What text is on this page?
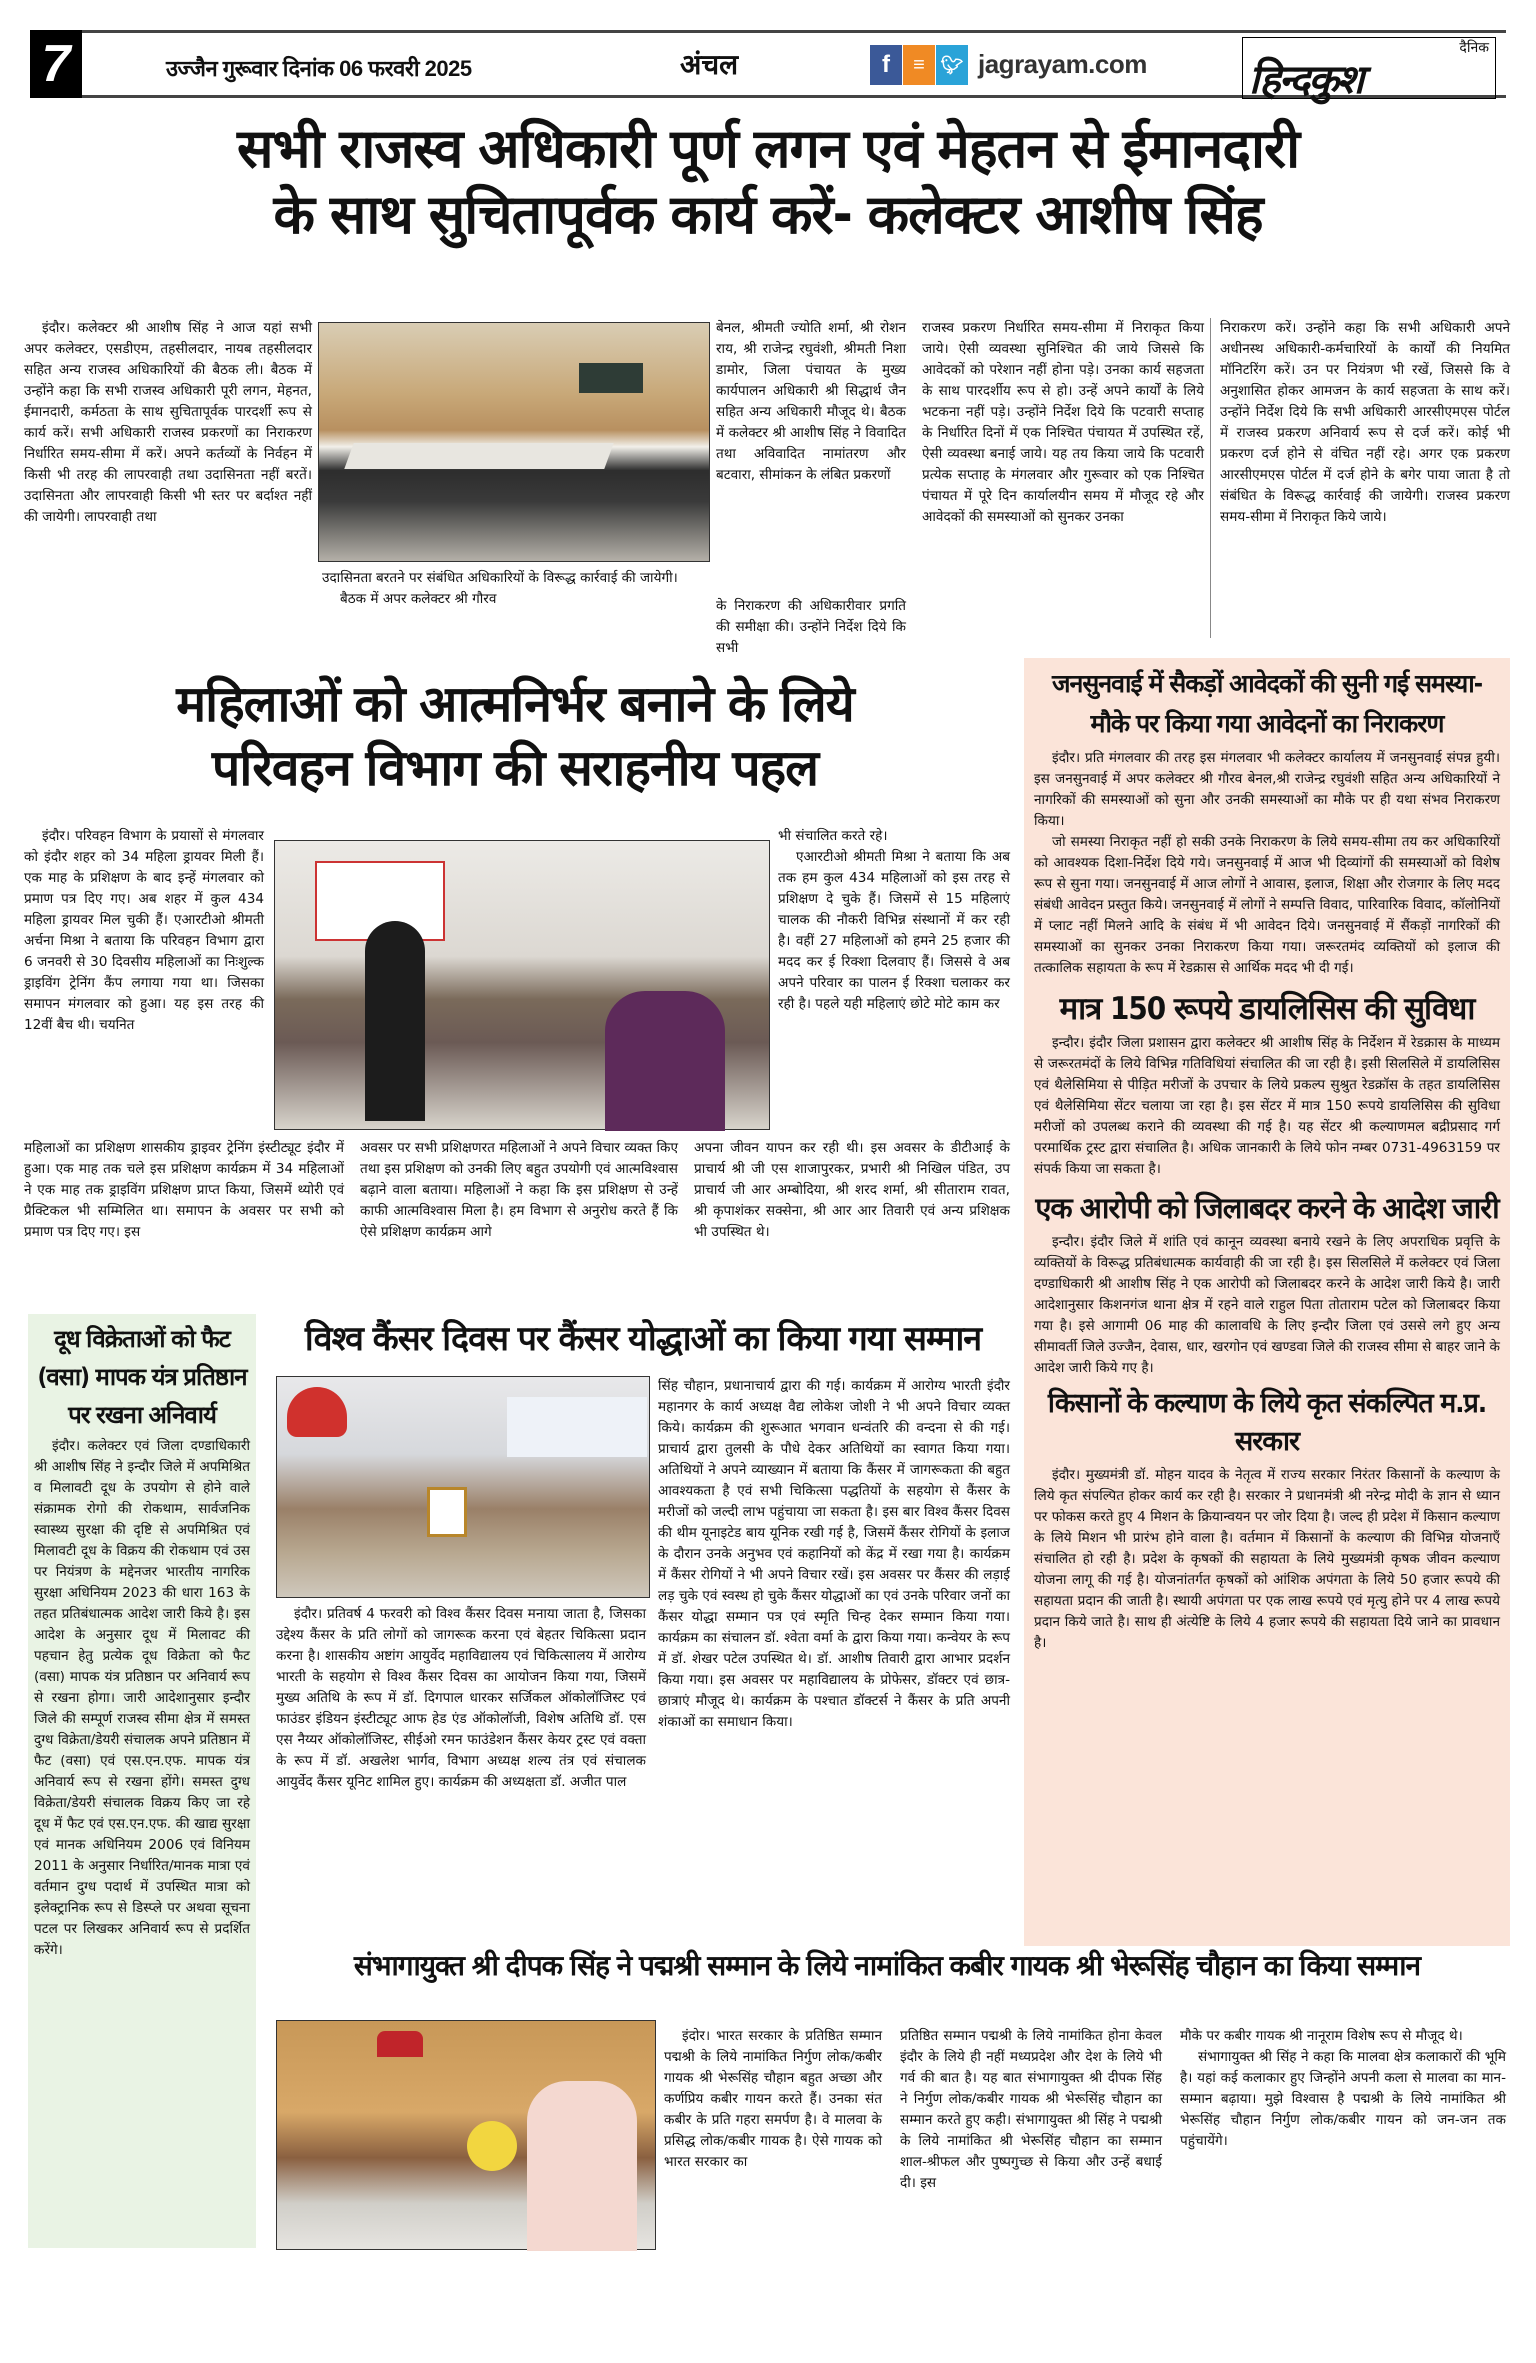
7	उज्जैन गुरूवार दिनांक 06 फरवरी 2025	अंचल	f	≡ 🐦︎ jagrayam.com
दैनिक
हिन्दकुश
सभी राजस्व अधिकारी पूर्ण लगन एवं मेहतन से ईमानदारी
के साथ सुचितापूर्वक कार्य करें- कलेक्टर आशीष सिंह

इंदौर। कलेक्टर श्री आशीष सिंह ने आज यहां सभी अपर कलेक्टर, एसडीएम, तहसीलदार, नायब तहसीलदार सहित अन्य राजस्व अधिकारियों की बैठक ली। बैठक में उन्होंने कहा कि सभी राजस्व अधिकारी पूरी लगन, मेहनत, ईमानदारी, कर्मठता के साथ सुचितापूर्वक पारदर्शी रूप से कार्य करें। सभी अधिकारी राजस्व प्रकरणों का निराकरण निर्धारित समय-सीमा में करें। अपने कर्तव्यों के निर्वहन में किसी भी तरह की लापरवाही तथा उदासिनता नहीं बरतें। उदासिनता और लापरवाही किसी भी स्तर पर बर्दाश्त नहीं की जायेगी। लापरवाही तथा

उदासिनता बरतने पर संबंधित अधिकारियों के विरूद्ध कार्रवाई की जायेगी।

बैठक में अपर कलेक्टर श्री गौरव

बेनल, श्रीमती ज्योति शर्मा, श्री रोशन राय, श्री राजेन्द्र रघुवंशी, श्रीमती निशा डामोर, जिला पंचायत के मुख्य कार्यपालन अधिकारी श्री सिद्धार्थ जैन सहित अन्य अधिकारी मौजूद थे। बैठक में कलेक्टर श्री आशीष सिंह ने विवादित तथा अविवादित नामांतरण और बटवारा, सीमांकन के लंबित प्रकरणों

के निराकरण की अधिकारीवार प्रगति की समीक्षा की। उन्होंने निर्देश दिये कि सभी

राजस्व प्रकरण निर्धारित समय-सीमा में निराकृत किया जाये। ऐसी व्यवस्था सुनिश्चित की जाये जिससे कि आवेदकों को परेशान नहीं होना पड़े। उनका कार्य सहजता के साथ पारदर्शीय रूप से हो। उन्हें अपने कार्यों के लिये भटकना नहीं पड़े। उन्होंने निर्देश दिये कि पटवारी सप्ताह के निर्धारित दिनों में एक निश्चित पंचायत में उपस्थित रहें, ऐसी व्यवस्था बनाई जाये। यह तय किया जाये कि पटवारी प्रत्येक सप्ताह के मंगलवार और गुरूवार को एक निश्चित पंचायत में पूरे दिन कार्यालयीन समय में मौजूद रहे और आवेदकों की समस्याओं को सुनकर उनका

निराकरण करें। उन्होंने कहा कि सभी अधिकारी अपने अधीनस्थ अधिकारी-कर्मचारियों के कार्यों की नियमित मॉनिटरिंग करें। उन पर नियंत्रण भी रखें, जिससे कि वे अनुशासित होकर आमजन के कार्य सहजता के साथ करें। उन्होंने निर्देश दिये कि सभी अधिकारी आरसीएमएस पोर्टल में राजस्व प्रकरण अनिवार्य रूप से दर्ज करें। कोई भी प्रकरण दर्ज होने से वंचित नहीं रहे। अगर एक प्रकरण आरसीएमएस पोर्टल में दर्ज होने के बगेर पाया जाता है तो संबंधित के विरूद्ध कार्रवाई की जायेगी। राजस्व प्रकरण समय-सीमा में निराकृत किये जाये।

महिलाओं को आत्मनिर्भर बनाने के लिये
परिवहन विभाग की सराहनीय पहल

इंदौर। परिवहन विभाग के प्रयासों से मंगलवार को इंदौर शहर को 34 महिला ड्रायवर मिली हैं। एक माह के प्रशिक्षण के बाद इन्हें मंगलवार को प्रमाण पत्र दिए गए। अब शहर में कुल 434 महिला ड्रायवर मिल चुकी हैं। एआरटीओ श्रीमती अर्चना मिश्रा ने बताया कि परिवहन विभाग द्वारा 6 जनवरी से 30 दिवसीय महिलाओं का निःशुल्क ड्राइविंग ट्रेनिंग कैंप लगाया गया था। जिसका समापन मंगलवार को हुआ। यह इस तरह की 12वीं बैच थी। चयनित

महिलाओं का प्रशिक्षण शासकीय ड्राइवर ट्रेनिंग इंस्टीट्यूट इंदौर में हुआ। एक माह तक चले इस प्रशिक्षण कार्यक्रम में 34 महिलाओं ने एक माह तक ड्राइविंग प्रशिक्षण प्राप्त किया, जिसमें थ्योरी एवं प्रैक्टिकल भी सम्मिलित था। समापन के अवसर पर सभी को प्रमाण पत्र दिए गए। इस

अवसर पर सभी प्रशिक्षणरत महिलाओं ने अपने विचार व्यक्त किए तथा इस प्रशिक्षण को उनकी लिए बहुत उपयोगी एवं आत्मविश्वास बढ़ाने वाला बताया। महिलाओं ने कहा कि इस प्रशिक्षण से उन्हें काफी आत्मविश्वास मिला है। हम विभाग से अनुरोध करते हैं कि ऐसे प्रशिक्षण कार्यक्रम आगे

भी संचालित करते रहे।

एआरटीओ श्रीमती मिश्रा ने बताया कि अब तक हम कुल 434 महिलाओं को इस तरह से प्रशिक्षण दे चुके हैं। जिसमें से 15 महिलाएं चालक की नौकरी विभिन्न संस्थानों में कर रही है। वहीं 27 महिलाओं को हमने 25 हजार की मदद कर ई रिक्शा दिलवाए हैं। जिससे वे अब अपने परिवार का पालन ई रिक्शा चलाकर कर रही है। पहले यही महिलाएं छोटे मोटे काम कर

अपना जीवन यापन कर रही थी। इस अवसर के डीटीआई के प्राचार्य श्री जी एस शाजापुरकर, प्रभारी श्री निखिल पंडित, उप प्राचार्य जी आर अम्बोदिया, श्री शरद शर्मा, श्री सीताराम रावत, श्री कृपाशंकर सक्सेना, श्री आर आर तिवारी एवं अन्य प्रशिक्षक भी उपस्थित थे।

जनसुनवाई में सैकड़ों आवेदकों की सुनी गई समस्या-
मौके पर किया गया आवेदनों का निराकरण

इंदौर। प्रति मंगलवार की तरह इस मंगलवार भी कलेक्टर कार्यालय में जनसुनवाई संपन्न हुयी। इस जनसुनवाई में अपर कलेक्टर श्री गौरव बेनल,श्री राजेन्द्र रघुवंशी सहित अन्य अधिकारियों ने नागरिकों की समस्याओं को सुना और उनकी समस्याओं का मौके पर ही यथा संभव निराकरण किया।

जो समस्या निराकृत नहीं हो सकी उनके निराकरण के लिये समय-सीमा तय कर अधिकारियों को आवश्यक दिशा-निर्देश दिये गये। जनसुनवाई में आज भी दिव्यांगों की समस्याओं को विशेष रूप से सुना गया। जनसुनवाई में आज लोगों ने आवास, इलाज, शिक्षा और रोजगार के लिए मदद संबंधी आवेदन प्रस्तुत किये। जनसुनवाई में लोगों ने सम्पत्ति विवाद, पारिवारिक विवाद, कॉलोनियों में प्लाट नहीं मिलने आदि के संबंध में भी आवेदन दिये। जनसुनवाई में सैंकड़ों नागरिकों की समस्याओं का सुनकर उनका निराकरण किया गया। जरूरतमंद व्यक्तियों को इलाज की तत्कालिक सहायता के रूप में रेडक्रास से आर्थिक मदद भी दी गई।

मात्र 150 रूपये डायलिसिस की सुविधा

इन्दौर। इंदौर जिला प्रशासन द्वारा कलेक्टर श्री आशीष सिंह के निर्देशन में रेडक्रास के माध्यम से जरूरतमंदों के लिये विभिन्न गतिविधियां संचालित की जा रही है। इसी सिलसिले में डायलिसिस एवं थैलेसिमिया से पीड़ित मरीजों के उपचार के लिये प्रकल्प सुश्रुत रेडक्रॉस के तहत डायलिसिस एवं थैलेसिमिया सेंटर चलाया जा रहा है। इस सेंटर में मात्र 150 रूपये डायलिसिस की सुविधा मरीजों को उपलब्ध कराने की व्यवस्था की गई है। यह सेंटर श्री कल्याणमल बद्रीप्रसाद गर्ग परमार्थिक ट्रस्ट द्वारा संचालित है। अधिक जानकारी के लिये फोन नम्बर 0731-4963159 पर संपर्क किया जा सकता है।

एक आरोपी को जिलाबदर करने के आदेश जारी

इन्दौर। इंदौर जिले में शांति एवं कानून व्यवस्था बनाये रखने के लिए अपराधिक प्रवृत्ति के व्यक्तियों के विरूद्ध प्रतिबंधात्मक कार्यवाही की जा रही है। इस सिलसिले में कलेक्टर एवं जिला दण्डाधिकारी श्री आशीष सिंह ने एक आरोपी को जिलाबदर करने के आदेश जारी किये है। जारी आदेशानुसार किशनगंज थाना क्षेत्र में रहने वाले राहुल पिता तोताराम पटेल को जिलाबदर किया गया है। इसे आगामी 06 माह की कालावधि के लिए इन्दौर जिला एवं उससे लगे हुए अन्य सीमावर्ती जिले उज्जैन, देवास, धार, खरगोन एवं खण्डवा जिले की राजस्व सीमा से बाहर जाने के आदेश जारी किये गए है।

किसानों के कल्याण के लिये कृत संकल्पित म.प्र. सरकार

इंदौर। मुख्यमंत्री डॉ. मोहन यादव के नेतृत्व में राज्य सरकार निरंतर किसानों के कल्याण के लिये कृत संपल्पित होकर कार्य कर रही है। सरकार ने प्रधानमंत्री श्री नरेन्द्र मोदी के ज्ञान से ध्यान पर फोकस करते हुए 4 मिशन के क्रियान्वयन पर जोर दिया है। जल्द ही प्रदेश में किसान कल्याण के लिये मिशन भी प्रारंभ होने वाला है। वर्तमान में किसानों के कल्याण की विभिन्न योजनाएँ संचालित हो रही है। प्रदेश के कृषकों की सहायता के लिये मुख्यमंत्री कृषक जीवन कल्याण योजना लागू की गई है। योजनांतर्गत कृषकों को आंशिक अपंगता के लिये 50 हजार रूपये की सहायता प्रदान की जाती है। स्थायी अपंगता पर एक लाख रूपये एवं मृत्यु होने पर 4 लाख रूपये प्रदान किये जाते है। साथ ही अंत्येष्टि के लिये 4 हजार रूपये की सहायता दिये जाने का प्रावधान है।

दूध विक्रेताओं को फैट
(वसा) मापक यंत्र प्रतिष्ठान
पर रखना अनिवार्य

इंदौर। कलेक्टर एवं जिला दण्डाधिकारी श्री आशीष सिंह ने इन्दौर जिले में अपमिश्रित व मिलावटी दूध के उपयोग से होने वाले संक्रामक रोगो की रोकथाम, सार्वजनिक स्वास्थ्य सुरक्षा की दृष्टि से अपमिश्रित एवं मिलावटी दूध के विक्रय की रोकथाम एवं उस पर नियंत्रण के मद्देनजर भारतीय नागरिक सुरक्षा अधिनियम 2023 की धारा 163 के तहत प्रतिबंधात्मक आदेश जारी किये है। इस आदेश के अनुसार दूध में मिलावट की पहचान हेतु प्रत्येक दूध विक्रेता को फैट (वसा) मापक यंत्र प्रतिष्ठान पर अनिवार्य रूप से रखना होगा। जारी आदेशानुसार इन्दौर जिले की सम्पूर्ण राजस्व सीमा क्षेत्र में समस्त दुग्ध विक्रेता/डेयरी संचालक अपने प्रतिष्ठान में फैट (वसा) एवं एस.एन.एफ. मापक यंत्र अनिवार्य रूप से रखना होंगे। समस्त दुग्ध विक्रेता/डेयरी संचालक विक्रय किए जा रहे दूध में फैट एवं एस.एन.एफ. की खाद्य सुरक्षा एवं मानक अधिनियम 2006 एवं विनियम 2011 के अनुसार निर्धारित/मानक मात्रा एवं वर्तमान दुग्ध पदार्थ में उपस्थित मात्रा को इलेक्ट्रानिक रूप से डिस्प्ले पर अथवा सूचना पटल पर लिखकर अनिवार्य रूप से प्रदर्शित करेंगे।

विश्व कैंसर दिवस पर कैंसर योद्धाओं का किया गया सम्मान

इंदौर। प्रतिवर्ष 4 फरवरी को विश्व कैंसर दिवस मनाया जाता है, जिसका उद्देश्य कैंसर के प्रति लोगों को जागरूक करना एवं बेहतर चिकित्सा प्रदान करना है। शासकीय अष्टांग आयुर्वेद महाविद्यालय एवं चिकित्सालय में आरोग्य भारती के सहयोग से विश्व कैंसर दिवस का आयोजन किया गया, जिसमें मुख्य अतिथि के रूप में डॉ. दिगपाल धारकर सर्जिकल ऑकोलॉजिस्ट एवं फाउंडर इंडियन इंस्टीट्यूट आफ हेड एंड ऑकोलॉजी, विशेष अतिथि डॉ. एस एस नैय्यर ऑकोलॉजिस्ट, सीईओ रमन फाउंडेशन कैंसर केयर ट्रस्ट एवं वक्ता के रूप में डॉ. अखलेश भार्गव, विभाग अध्यक्ष शल्य तंत्र एवं संचालक आयुर्वेद कैंसर यूनिट शामिल हुए। कार्यक्रम की अध्यक्षता डॉ. अजीत पाल

सिंह चौहान, प्रधानाचार्य द्वारा की गई। कार्यक्रम में आरोग्य भारती इंदौर महानगर के कार्य अध्यक्ष वैद्य लोकेश जोशी ने भी अपने विचार व्यक्त किये। कार्यक्रम की शुरूआत भगवान धन्वंतरि की वन्दना से की गई। प्राचार्य द्वारा तुलसी के पौधे देकर अतिथियों का स्वागत किया गया। अतिथियों ने अपने व्याख्यान में बताया कि कैंसर में जागरूकता की बहुत आवश्यकता है एवं सभी चिकित्सा पद्धतियों के सहयोग से कैंसर के मरीजों को जल्दी लाभ पहुंचाया जा सकता है। इस बार विश्व कैंसर दिवस की थीम यूनाइटेड बाय यूनिक रखी गई है, जिसमें कैंसर रोगियों के इलाज के दौरान उनके अनुभव एवं कहानियों को केंद्र में रखा गया है। कार्यक्रम में कैंसर रोगियों ने भी अपने विचार रखें। इस अवसर पर कैंसर की लड़ाई लड़ चुके एवं स्वस्थ हो चुके कैंसर योद्धाओं का एवं उनके परिवार जनों का कैंसर योद्धा सम्मान पत्र एवं स्मृति चिन्ह देकर सम्मान किया गया। कार्यक्रम का संचालन डॉ. श्वेता वर्मा के द्वारा किया गया। कन्वेयर के रूप में डॉ. शेखर पटेल उपस्थित थे। डॉ. आशीष तिवारी द्वारा आभार प्रदर्शन किया गया। इस अवसर पर महाविद्यालय के प्रोफेसर, डॉक्टर एवं छात्र-छात्राएं मौजूद थे। कार्यक्रम के पश्चात डॉक्टर्स ने कैंसर के प्रति अपनी शंकाओं का समाधान किया।

संभागायुक्त श्री दीपक सिंह ने पद्मश्री सम्मान के लिये नामांकित कबीर गायक श्री भेरूसिंह चौहान का किया सम्मान

इंदोर। भारत सरकार के प्रतिष्ठित सम्मान पद्मश्री के लिये नामांकित निर्गुण लोक/कबीर गायक श्री भेरूसिंह चौहान बहुत अच्छा और कर्णप्रिय कबीर गायन करते हैं। उनका संत कबीर के प्रति गहरा समर्पण है। वे मालवा के प्रसिद्ध लोक/कबीर गायक है। ऐसे गायक को भारत सरकार का

प्रतिष्ठित सम्मान पद्मश्री के लिये नामांकित होना केवल इंदौर के लिये ही नहीं मध्यप्रदेश और देश के लिये भी गर्व की बात है। यह बात संभागायुक्त श्री दीपक सिंह ने निर्गुण लोक/कबीर गायक श्री भेरूसिंह चौहान का सम्मान करते हुए कही। संभागायुक्त श्री सिंह ने पद्मश्री के लिये नामांकित श्री भेरूसिंह चौहान का सम्मान शाल-श्रीफल और पुष्पगुच्छ से किया और उन्हें बधाई दी। इस

मौके पर कबीर गायक श्री नानूराम विशेष रूप से मौजूद थे।

संभागायुक्त श्री सिंह ने कहा कि मालवा क्षेत्र कलाकारों की भूमि है। यहां कई कलाकार हुए जिन्होंने अपनी कला से मालवा का मान-सम्मान बढ़ाया। मुझे विश्वास है पद्मश्री के लिये नामांकित श्री भेरूसिंह चौहान निर्गुण लोक/कबीर गायन को जन-जन तक पहुंचायेंगे।
